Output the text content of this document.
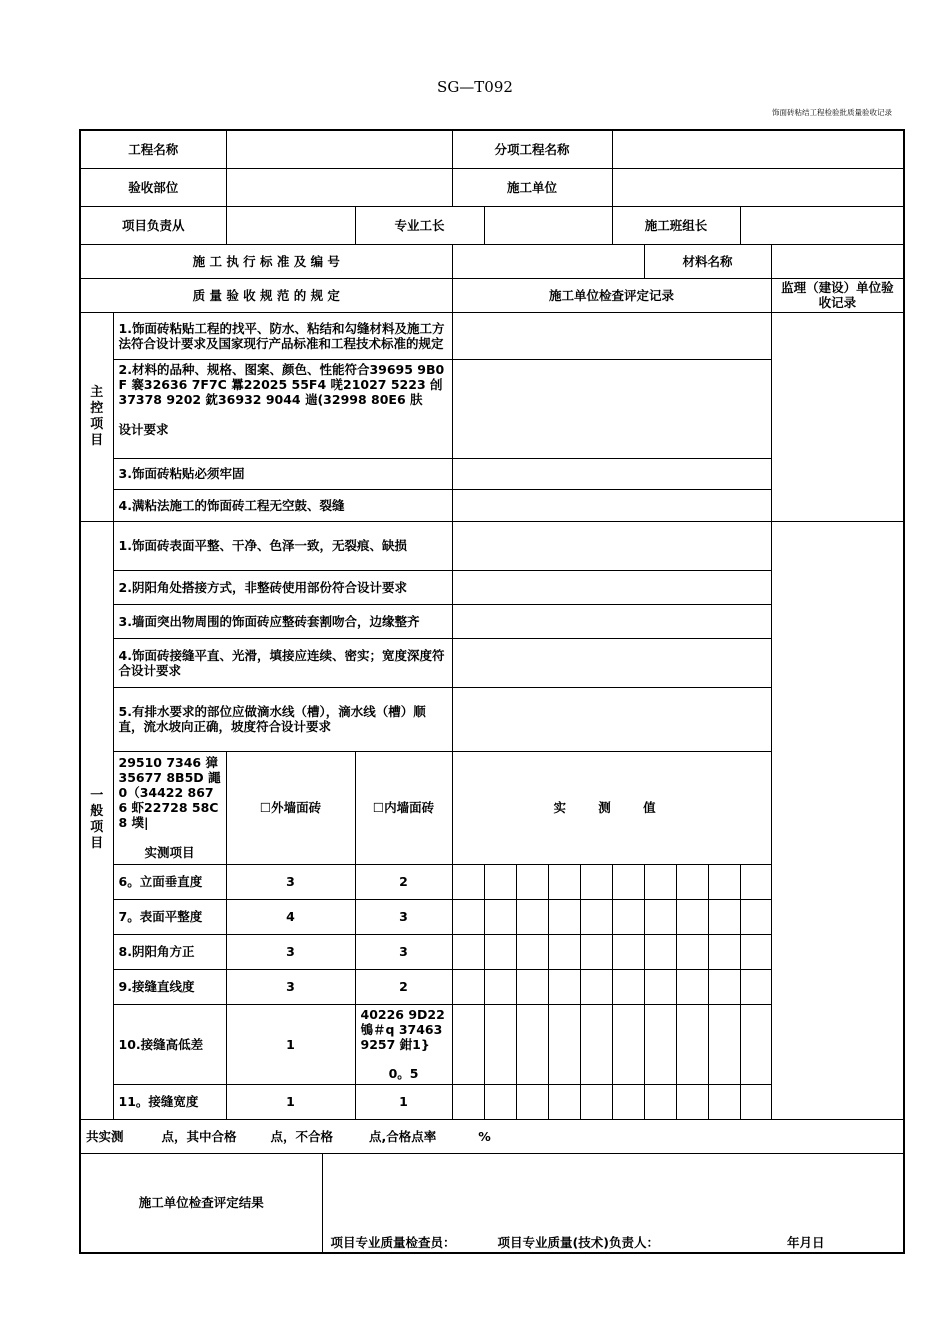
SG—T092
饰面砖粘结工程检验批质量验收记录
工程名称					分项工程名称										
验收部位					施工单位										
项目负责从				专业工长						施工班组长					
施 工 执 行 标 准 及 编 号											材料名称				
质 量 验 收 规 范 的 规 定					施工单位检查评定记录										监理（建设）单位验收记录

主控项目	1.饰面砖粘贴工程的找平、防水、粘结和勾缝材料及施工方法符合设计要求及国家现行产品标准和工程技术标准的规定														

	2.材料的品种、规格、图案、颜色、性能符合39695 9B0F 褰32636 7F7C 羃22025 55F4 唴21027 5223 刣37378 9202 鈂36932 9044 遄(32998 80E6 肤
设计要求														

	3.饰面砖粘贴必须牢固														
	4.满粘法施工的饰面砖工程无空鼓、裂缝														

一般项目	1.饰面砖表面平整、干净、色泽一致，无裂痕、缺损														
	2.阴阳角处搭接方式，非整砖使用部份符合设计要求														
	3.墙面突出物周围的饰面砖应整砖套割吻合，边缘整齐														
	4.饰面砖接缝平直、光滑，填接应连续、密实；宽度深度符合设计要求														
	5.有排水要求的部位应做滴水线（槽），滴水线（槽）顺直，流水坡向正确，坡度符合设计要求														

	29510 7346 獐35677 8B5D 譝0（34422 8676 虾22728 58C8 墣|
实测项目	☐外墙面砖		☐内墙面砖	实 测 值										
	6。立面垂直度	3		2											
	7。表面平整度	4		3											
	8.阴阳角方正	3		3											
	9.接缝直线度	3		2											
	10.接缝高低差	1		40226 9D22 鴝＃q 37463 9257 鉗1}
0。5											

	11。接缝宽度	1		1											
共实测 点，其中合格 点，不合格 点,合格点率 %															
施工单位检查评定结果			项目专业质量检查员： 项目专业质量(技术)负责人： 年月日												
